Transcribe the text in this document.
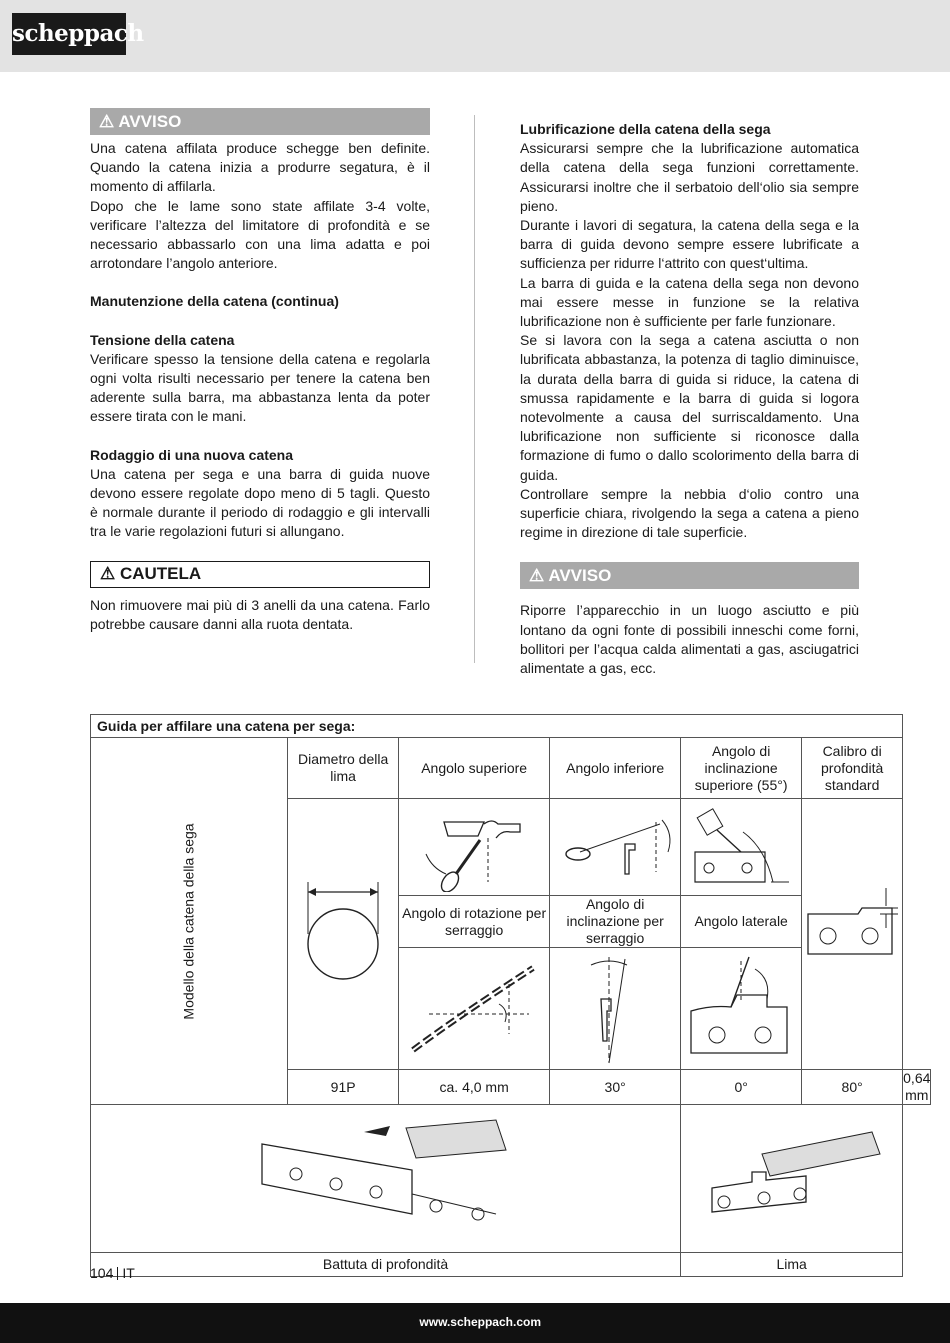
scheppach
⚠ AVVISO
Una catena affilata produce schegge ben definite. Quando la catena inizia a produrre segatura, è il momento di affilarla.
Dopo che le lame sono state affilate 3-4 volte, verificare l’altezza del limitatore di profondità e se necessario abbassarlo con una lima adatta e poi arrotondare l’angolo anteriore.
Manutenzione della catena (continua)
Tensione della catena
Verificare spesso la tensione della catena e regolarla ogni volta risulti necessario per tenere la catena ben aderente sulla barra, ma abbastanza lenta da poter essere tirata con le mani.
Rodaggio di una nuova catena
Una catena per sega e una barra di guida nuove devono essere regolate dopo meno di 5 tagli. Questo è normale durante il periodo di rodaggio e gli intervalli tra le varie regolazioni futuri si allungano.
⚠ CAUTELA
Non rimuovere mai più di 3 anelli da una catena. Farlo potrebbe causare danni alla ruota dentata.
Lubrificazione della catena della sega
Assicurarsi sempre che la lubrificazione automatica della catena della sega funzioni correttamente. Assicurarsi inoltre che il serbatoio dell‘olio sia sempre pieno.
Durante i lavori di segatura, la catena della sega e la barra di guida devono sempre essere lubrificate a sufficienza per ridurre l‘attrito con quest‘ultima.
La barra di guida e la catena della sega non devono mai essere messe in funzione se la relativa lubrificazione non è sufficiente per farle funzionare.
Se si lavora con la sega a catena asciutta o non lubrificata abbastanza, la potenza di taglio diminuisce, la durata della barra di guida si riduce, la catena di smussa rapidamente e la barra di guida si logora notevolmente a causa del surriscaldamento. Una lubrificazione non sufficiente si riconosce dalla formazione di fumo o dallo scolorimento della barra di guida.
Controllare sempre la nebbia d‘olio contro una superficie chiara, rivolgendo la sega a catena a pieno regime in direzione di tale superficie.
⚠ AVVISO
Riporre l’apparecchio in un luogo asciutto e più lontano da ogni fonte di possibili inneschi come forni, bollitori per l’acqua calda alimentati a gas, asciugatrici alimentate a gas, ecc.
Guida per affilare una catena per sega:						
Modello della catena della sega	Diametro della lima	Angolo superiore	Angolo inferiore	Angolo di inclinazione superiore (55°)	Calibro di profondità standard	

		Angolo di rotazione per serraggio	Angolo di inclinazione per serraggio	Angolo laterale		

	91P	ca. 4,0 mm	30°	0°	80°	0,64 mm

Battuta di profondità				Lima		
104 IT
www.scheppach.com
